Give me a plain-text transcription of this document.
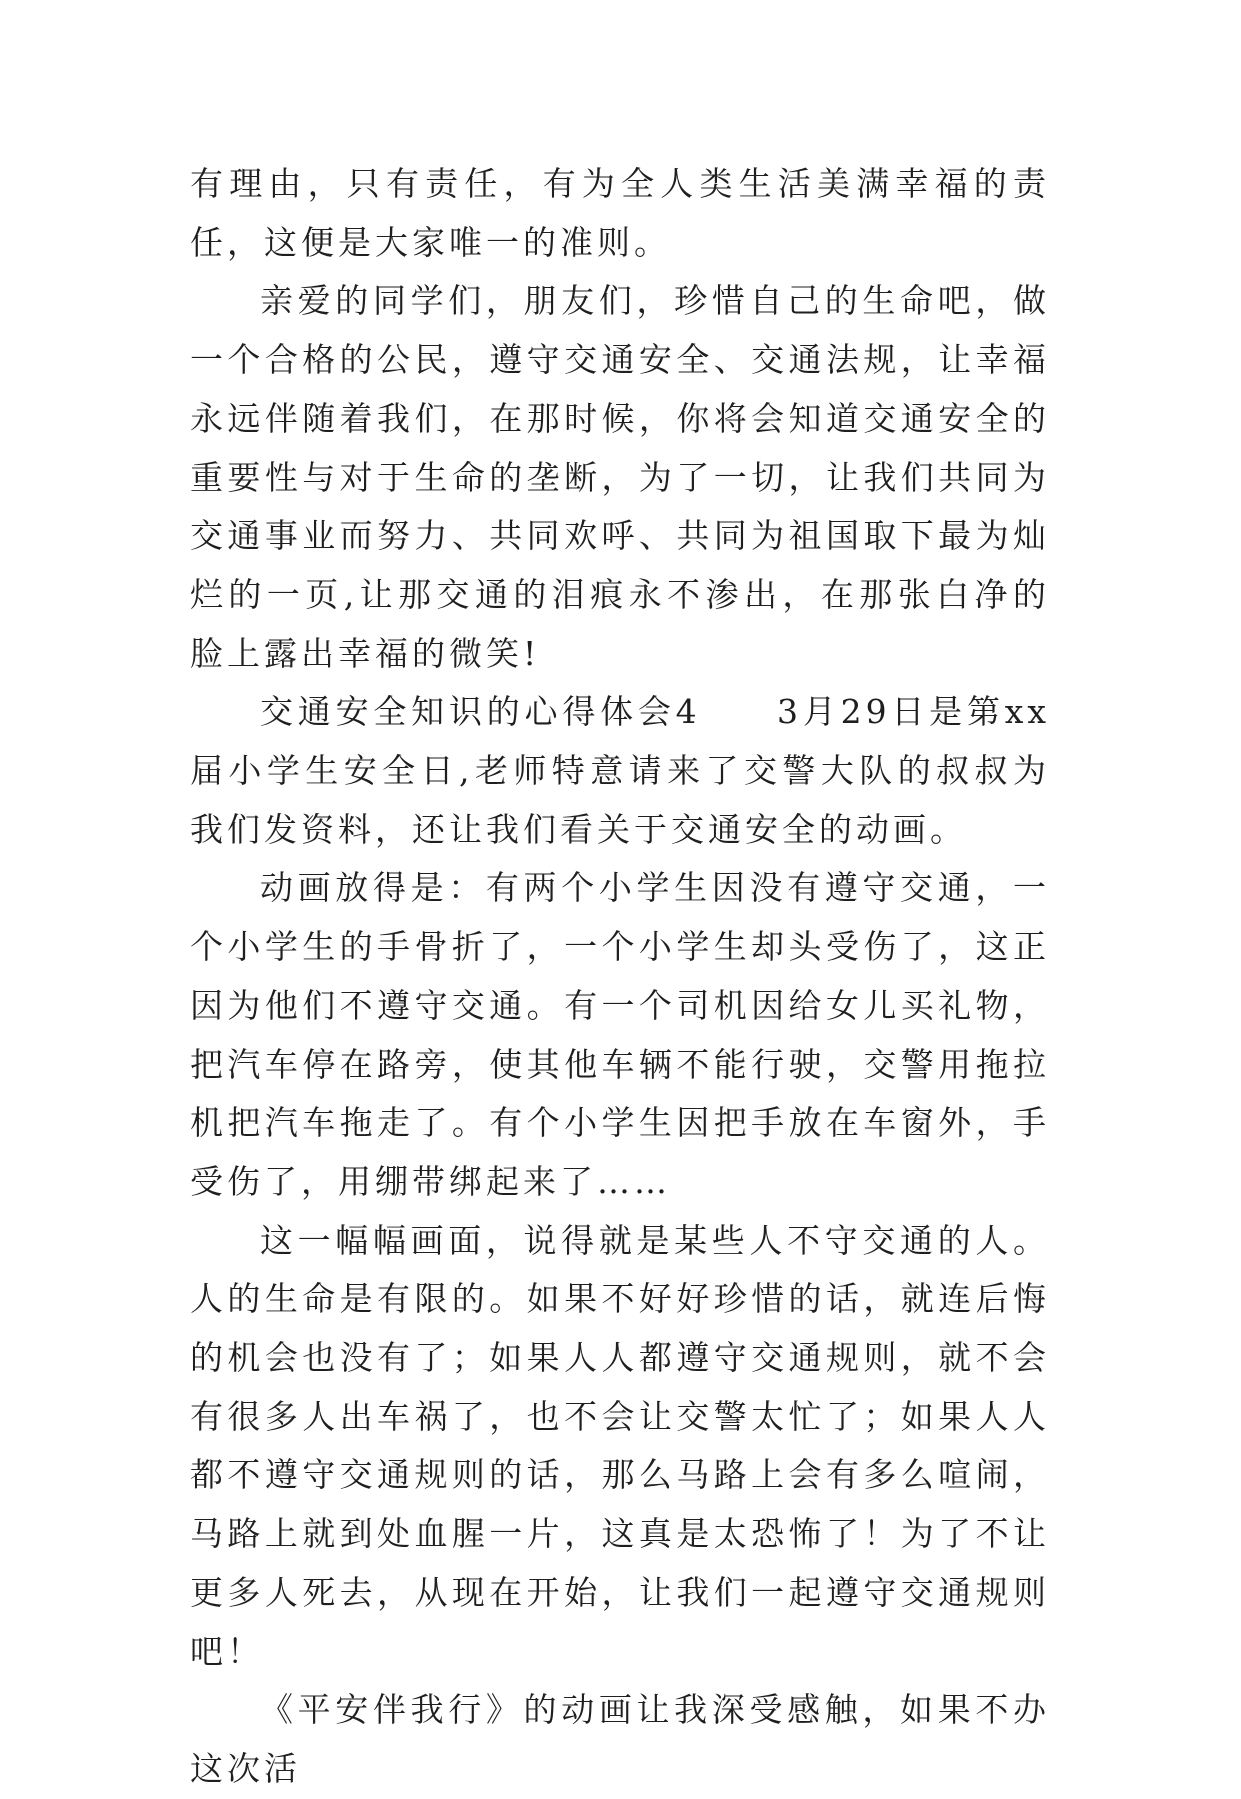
有理由，只有责任，有为全人类生活美满幸福的责任，这便是大家唯一的准则。

亲爱的同学们，朋友们，珍惜自己的生命吧，做一个合格的公民，遵守交通安全、交通法规，让幸福永远伴随着我们，在那时候，你将会知道交通安全的重要性与对于生命的垄断，为了一切，让我们共同为交通事业而努力、共同欢呼、共同为祖国取下最为灿烂的一页,让那交通的泪痕永不渗出，在那张白净的脸上露出幸福的微笑!

交通安全知识的心得体会4　　3月29日是第xx届小学生安全日,老师特意请来了交警大队的叔叔为我们发资料，还让我们看关于交通安全的动画。

动画放得是：有两个小学生因没有遵守交通，一个小学生的手骨折了，一个小学生却头受伤了，这正因为他们不遵守交通。有一个司机因给女儿买礼物，把汽车停在路旁，使其他车辆不能行驶，交警用拖拉机把汽车拖走了。有个小学生因把手放在车窗外，手受伤了，用绷带绑起来了……

这一幅幅画面，说得就是某些人不守交通的人。人的生命是有限的。如果不好好珍惜的话，就连后悔的机会也没有了；如果人人都遵守交通规则，就不会有很多人出车祸了，也不会让交警太忙了；如果人人都不遵守交通规则的话，那么马路上会有多么喧闹，马路上就到处血腥一片，这真是太恐怖了！为了不让更多人死去，从现在开始，让我们一起遵守交通规则吧！

《平安伴我行》的动画让我深受感触，如果不办这次活
